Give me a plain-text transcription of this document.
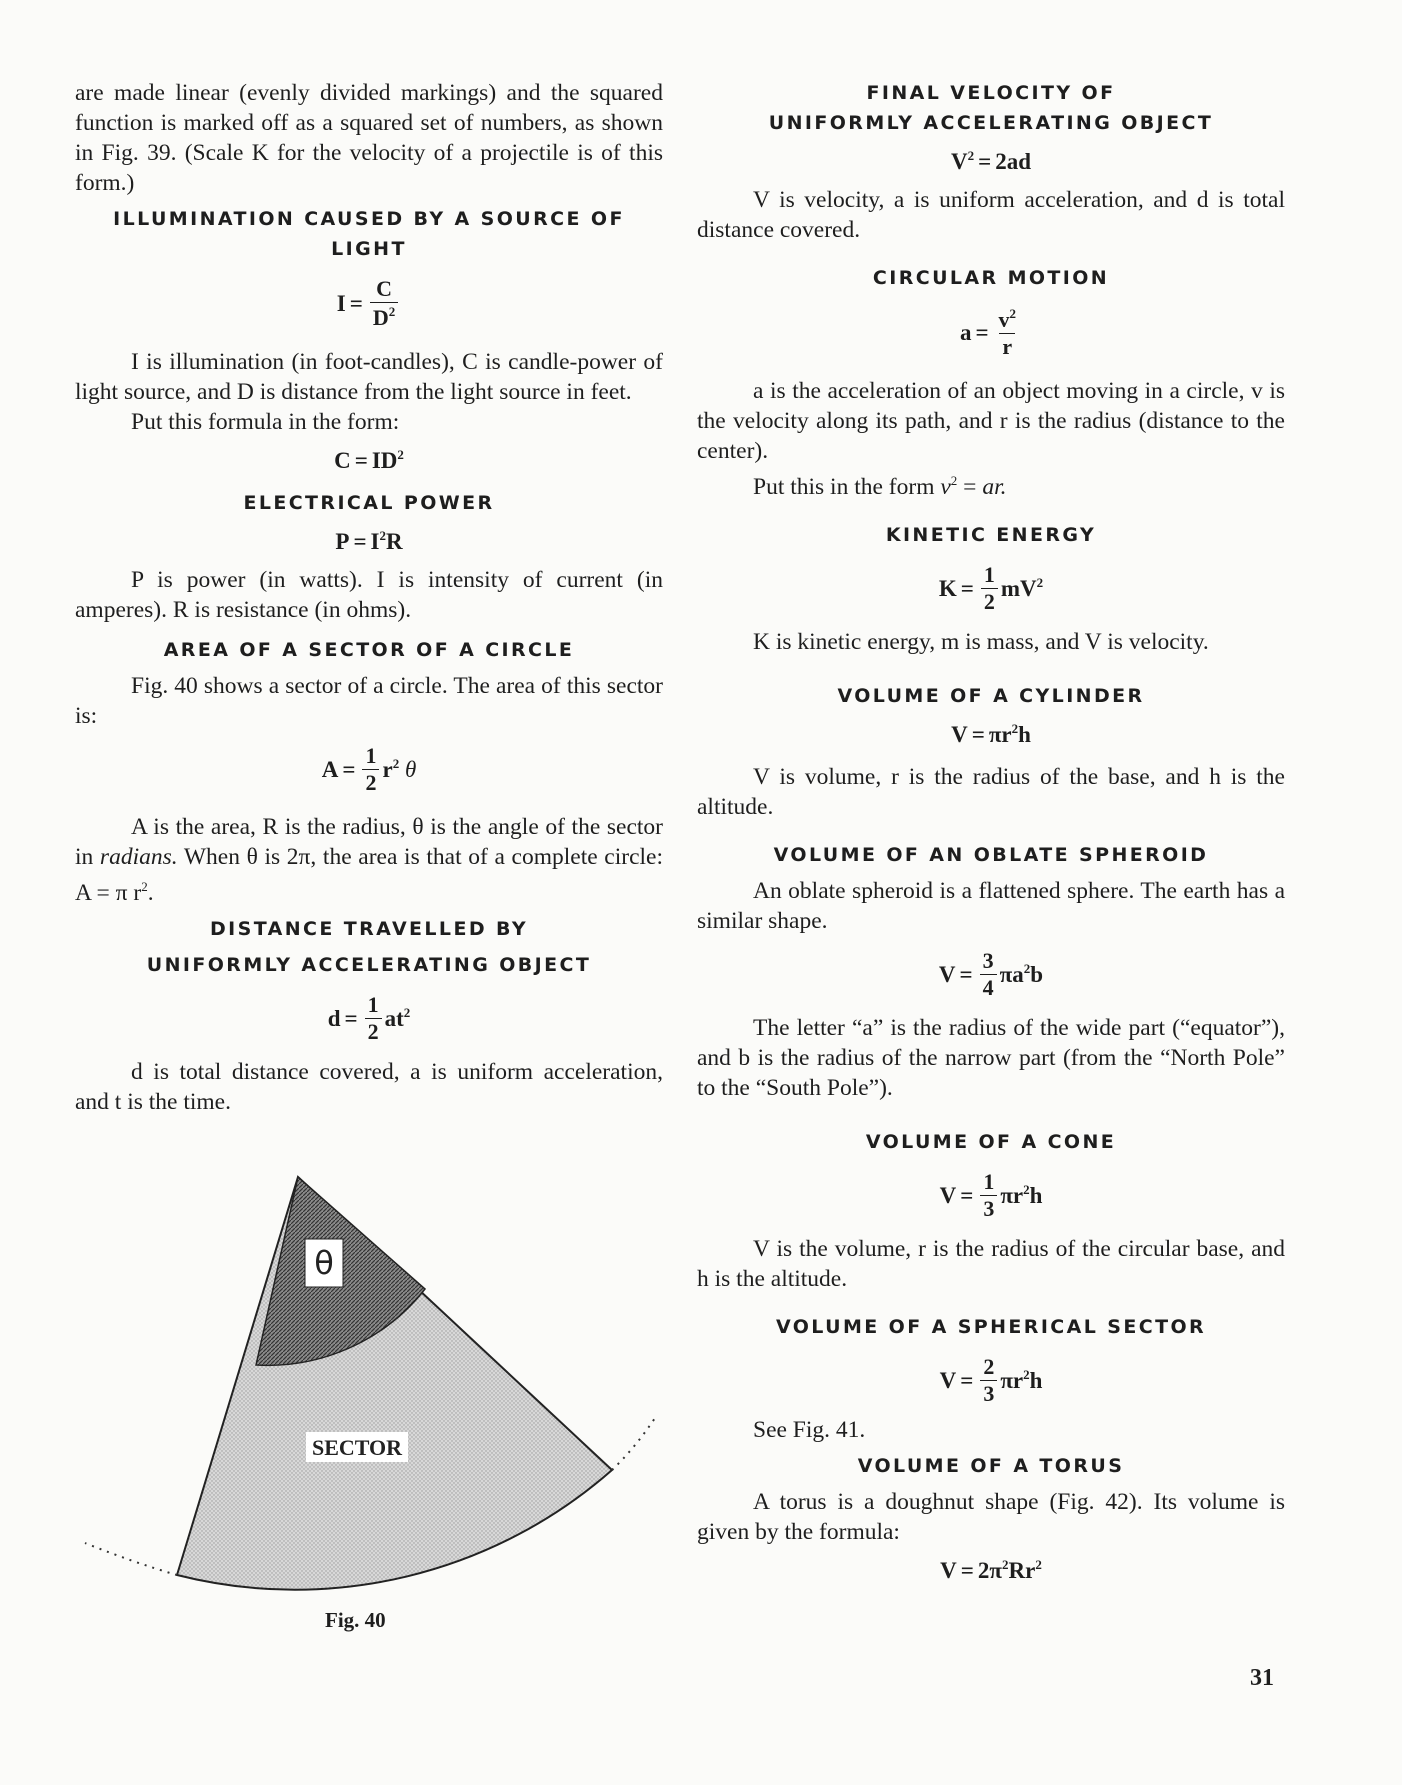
are made linear (evenly divided markings) and the squared function is marked off as a squared set of numbers, as shown in Fig. 39. (Scale K for the velocity of a projectile is of this form.)

ILLUMINATION CAUSED BY A SOURCE OF LIGHT
$I = \frac{C}{D^2}$

I is illumination (in foot-candles), C is candle-power of light source, and D is distance from the light source in feet.

Put this formula in the form:

$C = ID^2$
ELECTRICAL POWER
$P = I^2R$

P is power (in watts). I is intensity of current (in amperes). R is resistance (in ohms).

AREA OF A SECTOR OF A CIRCLE

Fig. 40 shows a sector of a circle. The area of this sector is:

$A = \frac{1}{2} r^2$ θ

A is the area, R is the radius, θ is the angle of the sector in radians. When θ is 2π, the area is that of a complete circle: A = π $r^2$.

DISTANCE TRAVELLED BY
UNIFORMLY ACCELERATING OBJECT
$d = \frac{1}{2} at^2$

d is total distance covered, a is uniform acceleration, and t is the time.

θ
SECTOR
Fig. 40
FINAL VELOCITY OF
UNIFORMLY ACCELERATING OBJECT
$V^2 = 2ad$

V is velocity, a is uniform acceleration, and d is total distance covered.

CIRCULAR MOTION
$a = \frac{v^2}{r}$

a is the acceleration of an object moving in a circle, v is the velocity along its path, and r is the radius (distance to the center).

Put this in the form $v^2$ = ar.

KINETIC ENERGY
$K = \frac{1}{2} mV^2$

K is kinetic energy, m is mass, and V is velocity.

VOLUME OF A CYLINDER
$V = \pi r^2h$

V is volume, r is the radius of the base, and h is the altitude.

VOLUME OF AN OBLATE SPHEROID

An oblate spheroid is a flattened sphere. The earth has a similar shape.

$V = \frac{3}{4} \pi a^2b$

The letter “a” is the radius of the wide part (“equator”), and b is the radius of the narrow part (from the “North Pole” to the “South Pole”).

VOLUME OF A CONE
$V = \frac{1}{3} \pi r^2h$

V is the volume, r is the radius of the circular base, and h is the altitude.

VOLUME OF A SPHERICAL SECTOR
$V = \frac{2}{3} \pi r^2h$

See Fig. 41.

VOLUME OF A TORUS

A torus is a doughnut shape (Fig. 42). Its volume is given by the formula:

$V = 2\pi^2Rr^2$
31
